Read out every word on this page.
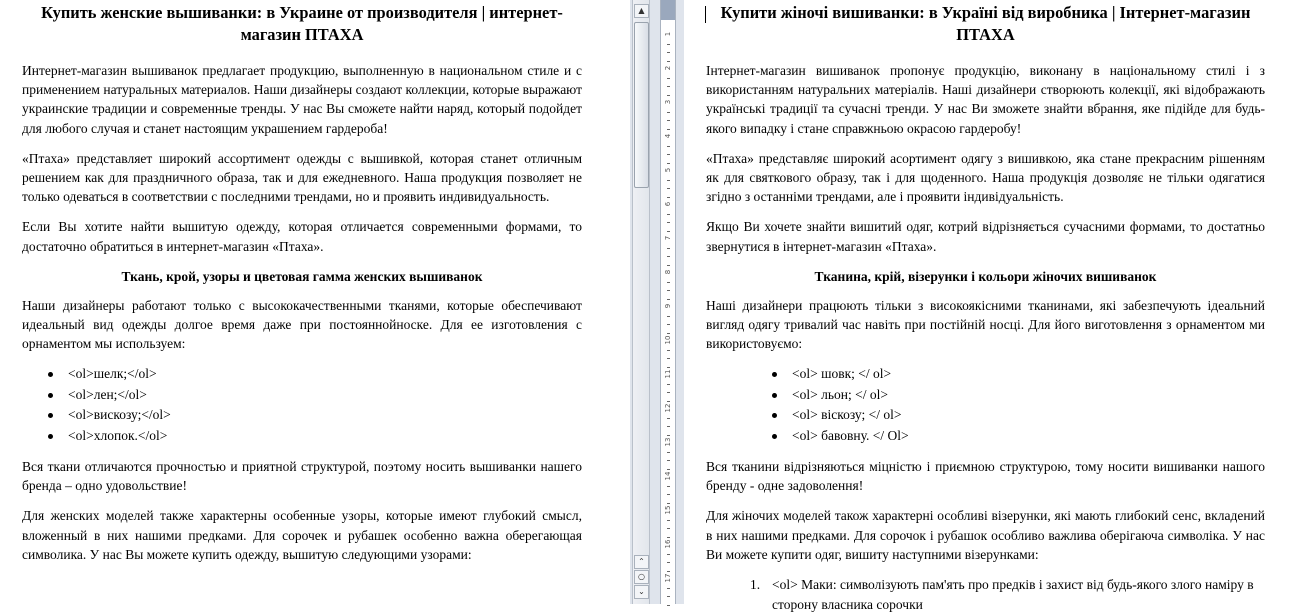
Купить женские вышиванки: в Украине от производителя | интернет-магазин ПТАХА

Интернет-магазин вышиванок предлагает продукцию, выполненную в национальном стиле и с применением натуральных материалов. Наши дизайнеры создают коллекции, которые выражают украинские традиции и современные тренды. У нас Вы сможете найти наряд, который подойдет для любого случая и станет настоящим украшением гардероба!

«Птаха» представляет широкий ассортимент одежды с вышивкой, которая станет отличным решением как для праздничного образа, так и для ежедневного. Наша продукция позволяет не только одеваться в соответствии с последними трендами, но и проявить индивидуальность.

Если Вы хотите найти вышитую одежду, которая отличается современными формами, то достаточно обратиться в интернет-магазин «Птаха».

Ткань, крой, узоры и цветовая гамма женских вышиванок

Наши дизайнеры работают только с высококачественными тканями, которые обеспечивают идеальный вид одежды долгое время даже при постояннойноске. Для ее изготовления с орнаментом мы используем:

<ol>шелк;</ol>
<ol>лен;</ol>
<ol>вискозу;</ol>
<ol>хлопок.</ol>

Вся ткани отличаются прочностью и приятной структурой, поэтому носить вышиванки нашего бренда – одно удовольствие!

Для женских моделей также характерны особенные узоры, которые имеют глубокий смысл, вложенный в них нашими предками. Для сорочек и рубашек особенно важна оберегающая символика. У нас Вы можете купить одежду, вышитую следующими узорами:

▲
⌃
○
⌄
1
2
3
4
5
6
7
8
9
10
11
12
13
14
15
16
17
Купити жіночі вишиванки: в Україні від виробника | Інтернет-магазин ПТАХА

Інтернет-магазин вишиванок пропонує продукцію, виконану в національному стилі і з використанням натуральних матеріалів. Наші дизайнери створюють колекції, які відображають українські традиції та сучасні тренди. У нас Ви зможете знайти вбрання, яке підійде для будь-якого випадку і стане справжньою окрасою гардеробу!

«Птаха» представляє широкий асортимент одягу з вишивкою, яка стане прекрасним рішенням як для святкового образу, так і для щоденного. Наша продукція дозволяє не тільки одягатися згідно з останніми трендами, але і проявити індивідуальність.

Якщо Ви хочете знайти вишитий одяг, котрий відрізняється сучасними формами, то достатньо звернутися в інтернет-магазин «Птаха».

Тканина, крій, візерунки і кольори жіночих вишиванок

Наші дизайнери працюють тільки з високоякісними тканинами, які забезпечують ідеальний вигляд одягу тривалий час навіть при постійній носці. Для його виготовлення з орнаментом ми використовуємо:

<ol> шовк; </ ol>
<ol> льон; </ ol>
<ol> віскозу; </ ol>
<ol> бавовну. </ Ol>

Вся тканини відрізняються міцністю і приємною структурою, тому носити вишиванки нашого бренду - одне задоволення!

Для жіночих моделей також характерні особливі візерунки, які мають глибокий сенс, вкладений в них нашими предками. Для сорочок і рубашок особливо важлива оберігаюча символіка. У нас Ви можете купити одяг, вишиту наступними візерунками:

1. <ol> Маки: символізують пам'ять про предків і захист від будь-якого злого наміру в сторону власника сорочки
